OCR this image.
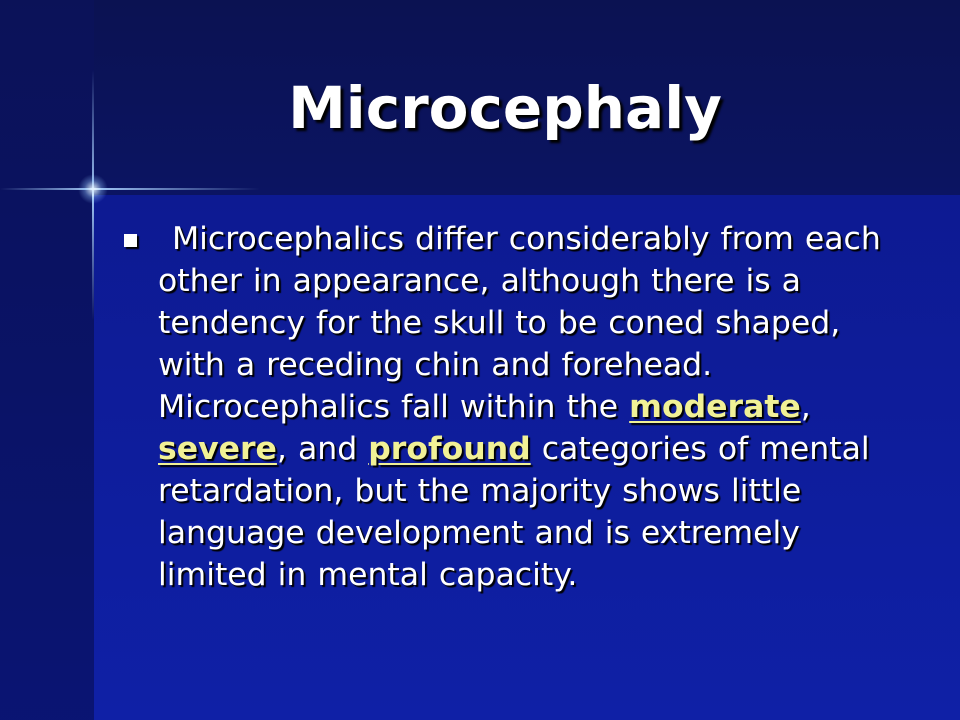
Microcephaly

Microcephalics differ considerably from each other in appearance, although there is a tendency for the skull to be coned shaped, with a receding chin and forehead. Microcephalics fall within the moderate, severe, and profound categories of mental retardation, but the majority shows little language development and is extremely limited in mental capacity.
